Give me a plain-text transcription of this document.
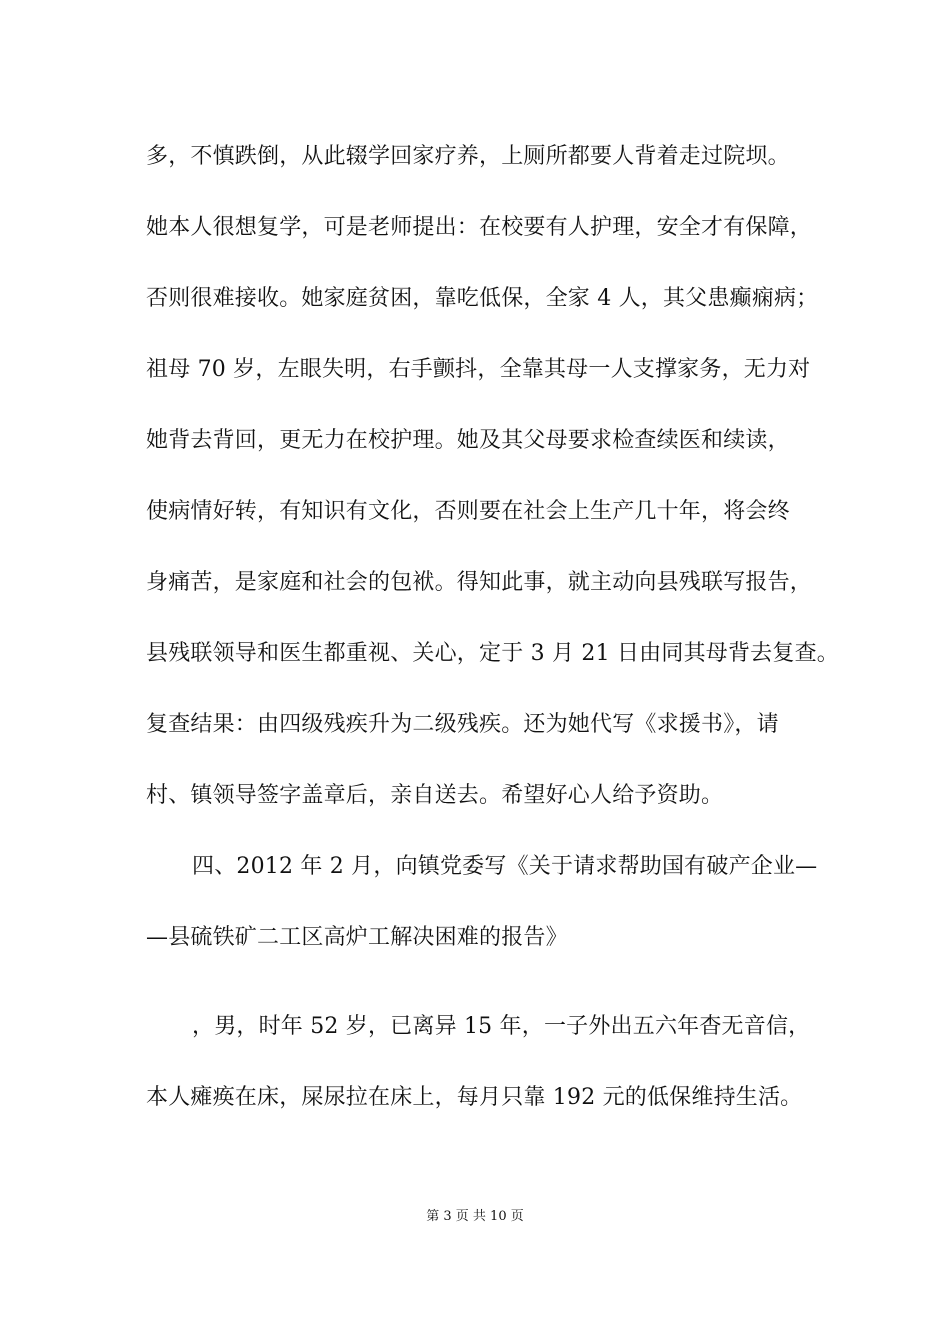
多，不慎跌倒，从此辍学回家疗养，上厕所都要人背着走过院坝。
她本人很想复学，可是老师提出：在校要有人护理，安全才有保障，
否则很难接收。她家庭贫困，靠吃低保，全家 4 人，其父患癫痫病；
祖母 70 岁，左眼失明，右手颤抖，全靠其母一人支撑家务，无力对
她背去背回，更无力在校护理。她及其父母要求检查续医和续读，
使病情好转，有知识有文化，否则要在社会上生产几十年，将会终
身痛苦，是家庭和社会的包袱。得知此事，就主动向县残联写报告，
县残联领导和医生都重视、关心，定于 3 月 21 日由同其母背去复查。
复查结果：由四级残疾升为二级残疾。还为她代写《求援书》，请
村、镇领导签字盖章后，亲自送去。希望好心人给予资助。
四、2012 年 2 月，向镇党委写《关于请求帮助国有破产企业—
—县硫铁矿二工区高炉工解决困难的报告》
，男，时年 52 岁，已离异 15 年，一子外出五六年杳无音信，
本人瘫痪在床，屎尿拉在床上，每月只靠 192 元的低保维持生活。
第 3 页 共 10 页
